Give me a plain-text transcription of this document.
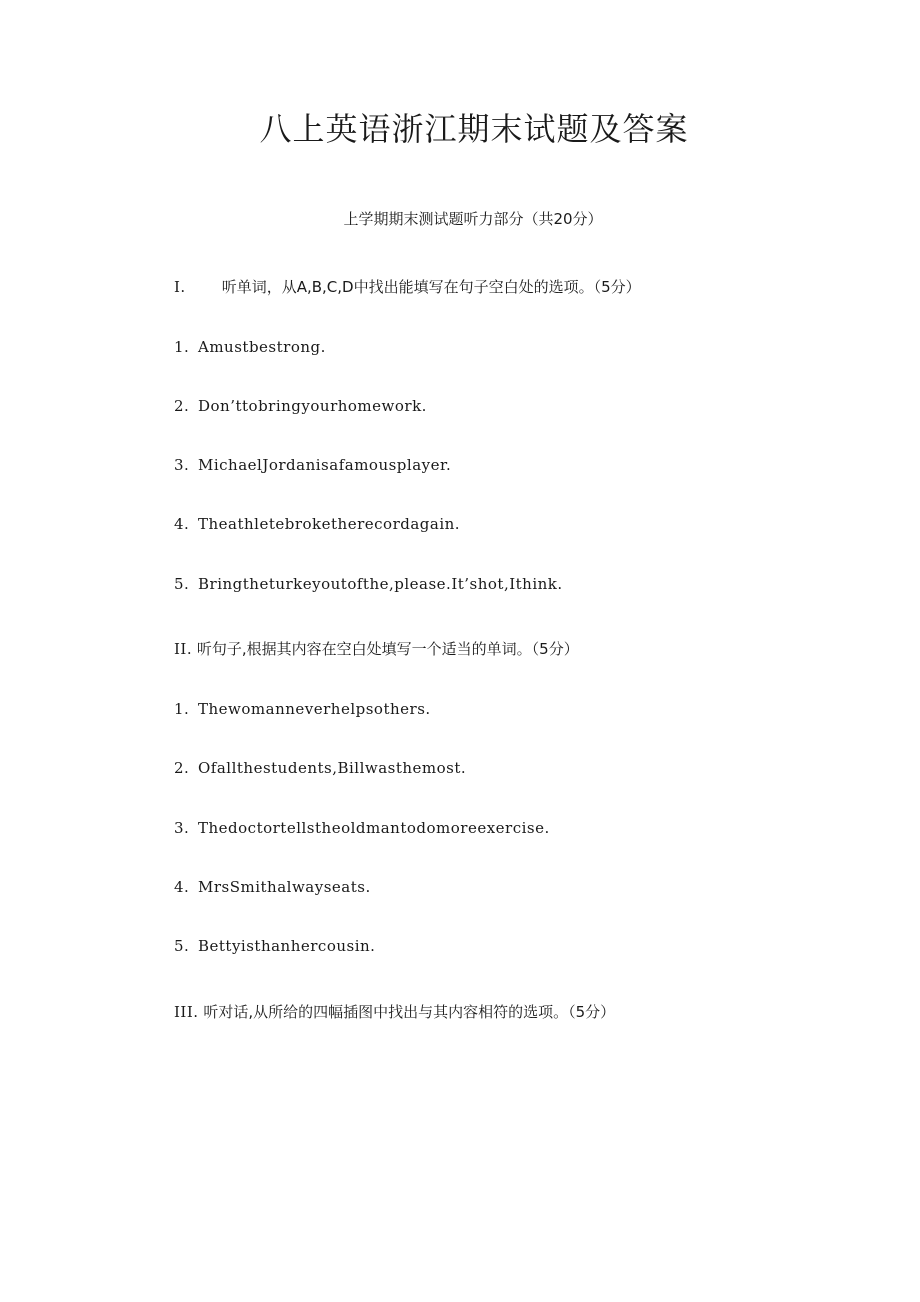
八上英语浙江期末试题及答案
上学期期末测试题听力部分（共20分）
I. 听单词，从A,B,C,D中找出能填写在句子空白处的选项。（5分）
1. Amustbestrong.
2. Don’ttobringyourhomework.
3. MichaelJordanisafamousplayer.
4. Theathletebroketherecordagain.
5. Bringtheturkeyoutofthe,please.It’shot,Ithink.
II. 听句子,根据其内容在空白处填写一个适当的单词。（5分）
1. Thewomanneverhelpsothers.
2. Ofallthestudents,Billwasthemost.
3. Thedoctortellstheoldmantodomoreexercise.
4. MrsSmithalwayseats.
5. Bettyisthanhercousin.
III. 听对话,从所给的四幅插图中找出与其内容相符的选项。（5分）
